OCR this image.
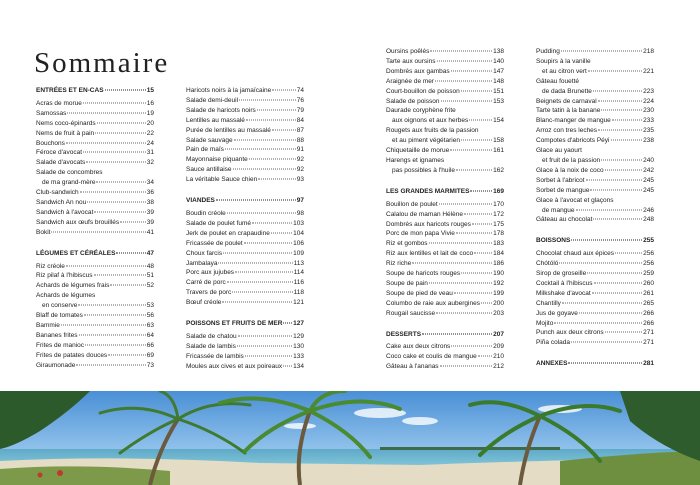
Sommaire
ENTRÉES ET EN-CAS	15
Acras de morue	16
Samossas	19
Nems coco-épinards	20
Nems de fruit à pain	22
Bouchons	24
Féroce d'avocat	31
Salade d'avocats	32
Salade de concombres
de ma grand-mère	34
Club-sandwich	36
Sandwich An nou	38
Sandwich à l'avocat	39
Sandwich aux œufs brouillés	39
Bokit	41
LÉGUMES ET CÉRÉALES	47
Riz créole	48
Riz pilaf à l'hibiscus	51
Achards de légumes frais	52
Achards de légumes
en conserve	53
Blaff de tomates	56
Bammie	63
Bananes frites	64
Frites de manioc	66
Frites de patates douces	69
Giraumonade	73
Haricots noirs à la jamaïcaine	74
Salade demi-deuil	76
Salade de haricots noirs	79
Lentilles au massalé	84
Purée de lentilles au massalé	87
Salade sauvage	88
Pain de maïs	91
Mayonnaise piquante	92
Sauce antillaise	92
La véritable Sauce chien	93
VIANDES	97
Boudin créole	98
Salade de poulet fumé	103
Jerk de poulet en crapaudine	104
Fricassée de poulet	106
Choux farcis	109
Jambalaya	113
Porc aux jujubes	114
Carré de porc	116
Travers de porc	118
Bœuf créole	121
POISSONS ET FRUITS DE MER 127
Salade de chatou	129
Salade de lambis	130
Fricassée de lambis	133
Moules aux cives et aux poireaux 134
Oursins poêlés	138
Tarte aux oursins	140
Dombrés aux gambas	147
Araignée de mer	148
Court-bouillon de poisson	151
Salade de poisson	153
Daurade coryphène frite
aux oignons et aux herbes	154
Rougets aux fruits de la passion
et au piment végétarien	158
Chiquetaille de morue	161
Harengs et ignames
pas possibles à l'huile	162
LES GRANDES MARMITES	169
Bouillon de poulet	170
Calalou de maman Hélène	172
Dombrés aux haricots rouges	175
Porc de mon papa Vivie	178
Riz et gombos	183
Riz aux lentilles et lait de coco	184
Riz riche	186
Soupe de haricots rouges	190
Soupe de pain	192
Soupe de pied de veau	199
Columbo de raie aux aubergines 200
Rougail saucisse	203
DESSERTS	207
Cake aux deux citrons	209
Coco cake et coulis de mangue	210
Gâteau à l'ananas	212
Pudding	218
Soupirs à la vanille
et au citron vert	221
Gâteau fouetté
de dada Brunette	223
Beignets de carnaval	224
Tarte tatin à la banane	230
Blanc-manger de mangue	233
Arroz con tres leches	235
Compotes d'abricots Péyi	238
Glace au yaourt
et fruit de la passion	240
Glace à la noix de coco	242
Sorbet à l'abricot	245
Sorbet de mangue	245
Glace à l'avocat et glaçons
de mangue	246
Gâteau au chocolat	248
BOISSONS	255
Chocolat chaud aux épices	256
Chótóló	256
Sirop de groseille	259
Cocktail à l'hibiscus	260
Milkshake d'avocat	261
Chantilly	265
Jus de goyave	266
Mojito	266
Punch aux deux citrons	271
Piña colada	271
ANNEXES	281
